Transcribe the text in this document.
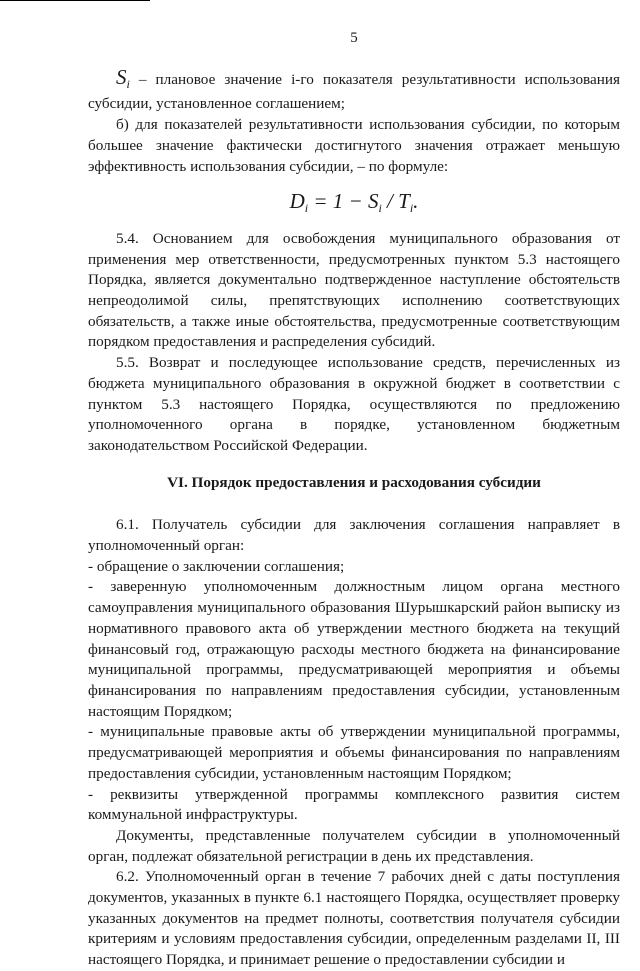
5

$S_i$ – плановое значение i-го показателя результативности использования субсидии, установленное соглашением;

б) для показателей результативности использования субсидии, по которым большее значение фактически достигнутого значения отражает меньшую эффективность использования субсидии, – по формуле:

$D_i = 1 - S_i / T_i$.

5.4. Основанием для освобождения муниципального образования от применения мер ответственности, предусмотренных пунктом 5.3 настоящего Порядка, является документально подтвержденное наступление обстоятельств непреодолимой силы, препятствующих исполнению соответствующих обязательств, а также иные обстоятельства, предусмотренные соответствующим порядком предоставления и распределения субсидий.

5.5. Возврат и последующее использование средств, перечисленных из бюджета муниципального образования в окружной бюджет в соответствии с пунктом 5.3 настоящего Порядка, осуществляются по предложению уполномоченного органа в порядке, установленном бюджетным законодательством Российской Федерации.

VI. Порядок предоставления и расходования субсидии

6.1. Получатель субсидии для заключения соглашения направляет в уполномоченный орган:

- обращение о заключении соглашения;

- заверенную уполномоченным должностным лицом органа местного самоуправления муниципального образования Шурышкарский район выписку из нормативного правового акта об утверждении местного бюджета на текущий финансовый год, отражающую расходы местного бюджета на финансирование муниципальной программы, предусматривающей мероприятия и объемы финансирования по направлениям предоставления субсидии, установленным настоящим Порядком;

- муниципальные правовые акты об утверждении муниципальной программы, предусматривающей мероприятия и объемы финансирования по направлениям предоставления субсидии, установленным настоящим Порядком;

- реквизиты утвержденной программы комплексного развития систем коммунальной инфраструктуры.

Документы, представленные получателем субсидии в уполномоченный орган, подлежат обязательной регистрации в день их представления.

6.2. Уполномоченный орган в течение 7 рабочих дней с даты поступления документов, указанных в пункте 6.1 настоящего Порядка, осуществляет проверку указанных документов на предмет полноты, соответствия получателя субсидии критериям и условиям предоставления субсидии, определенным разделами II, III настоящего Порядка, и принимает решение о предоставлении субсидии и
